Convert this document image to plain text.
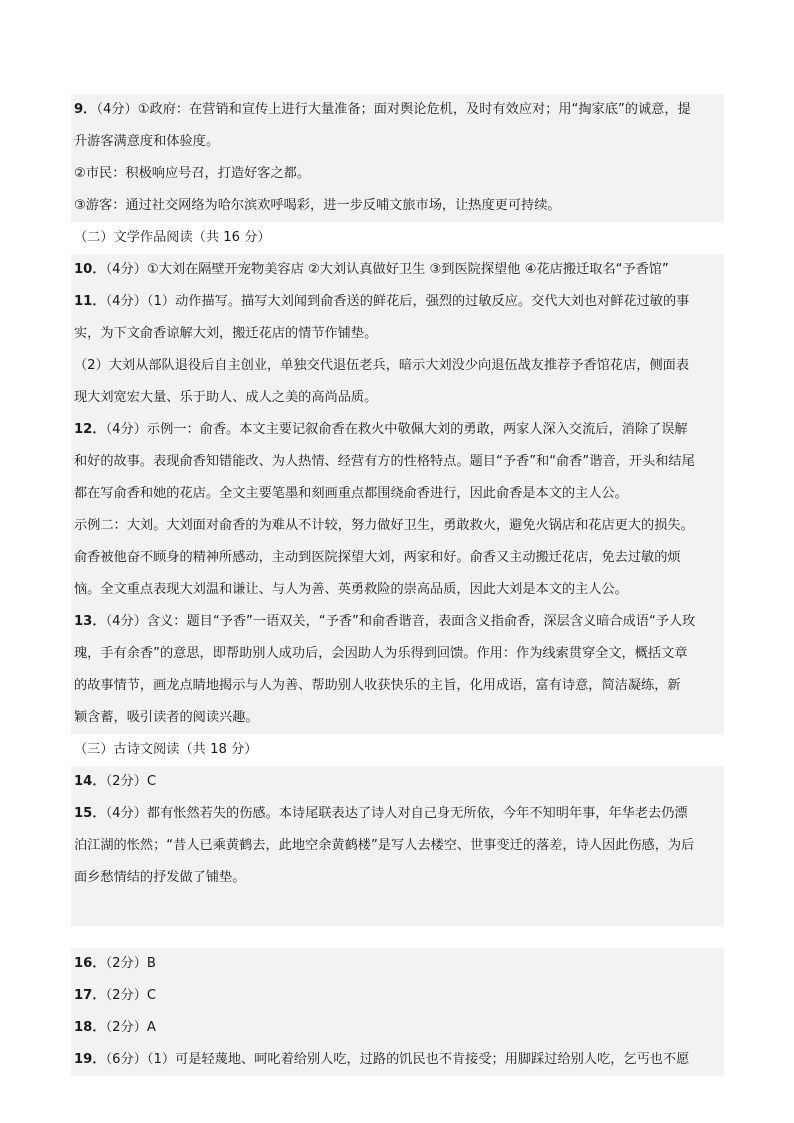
9．（4分）①政府：在营销和宣传上进行大量准备；面对舆论危机，及时有效应对；用“掏家底”的诚意，提
升游客满意度和体验度。
②市民：积极响应号召，打造好客之都。
③游客：通过社交网络为哈尔滨欢呼喝彩，进一步反哺文旅市场，让热度更可持续。
（二）文学作品阅读（共 16 分）
10．（4分）①大刘在隔壁开宠物美容店 ②大刘认真做好卫生 ③到医院探望他 ④花店搬迁取名“予香馆”
11．（4分）（1）动作描写。描写大刘闻到俞香送的鲜花后，强烈的过敏反应。交代大刘也对鲜花过敏的事
实，为下文俞香谅解大刘，搬迁花店的情节作铺垫。
（2）大刘从部队退役后自主创业，单独交代退伍老兵，暗示大刘没少向退伍战友推荐予香馆花店，侧面表
现大刘宽宏大量、乐于助人、成人之美的高尚品质。
12．（4分）示例一：俞香。本文主要记叙俞香在救火中敬佩大刘的勇敢，两家人深入交流后，消除了误解
和好的故事。表现俞香知错能改、为人热情、经营有方的性格特点。题目“予香”和“俞香”谐音，开头和结尾
都在写俞香和她的花店。全文主要笔墨和刻画重点都围绕俞香进行，因此俞香是本文的主人公。
示例二：大刘。大刘面对俞香的为难从不计较，努力做好卫生，勇敢救火，避免火锅店和花店更大的损失。
俞香被他奋不顾身的精神所感动，主动到医院探望大刘，两家和好。俞香又主动搬迁花店，免去过敏的烦
恼。全文重点表现大刘温和谦让、与人为善、英勇救险的崇高品质，因此大刘是本文的主人公。
13．（4分）含义：题目“予香”一语双关，“予香”和俞香谐音，表面含义指俞香，深层含义暗合成语“予人玫
瑰，手有余香”的意思，即帮助别人成功后，会因助人为乐得到回馈。作用：作为线索贯穿全文，概括文章
的故事情节，画龙点睛地揭示与人为善、帮助别人收获快乐的主旨，化用成语，富有诗意，简洁凝练，新
颖含蓄，吸引读者的阅读兴趣。
（三）古诗文阅读（共 18 分）
14．（2分）C
15．（4分）都有怅然若失的伤感。本诗尾联表达了诗人对自己身无所依，今年不知明年事，年华老去仍漂
泊江湖的怅然；“昔人已乘黄鹤去，此地空余黄鹤楼”是写人去楼空、世事变迁的落差，诗人因此伤感，为后
面乡愁情结的抒发做了铺垫。
16．（2分）B
17．（2分）C
18．（2分）A
19．（6分）（1）可是轻蔑地、呵叱着给别人吃，过路的饥民也不肯接受；用脚踩过给别人吃，乞丐也不愿
